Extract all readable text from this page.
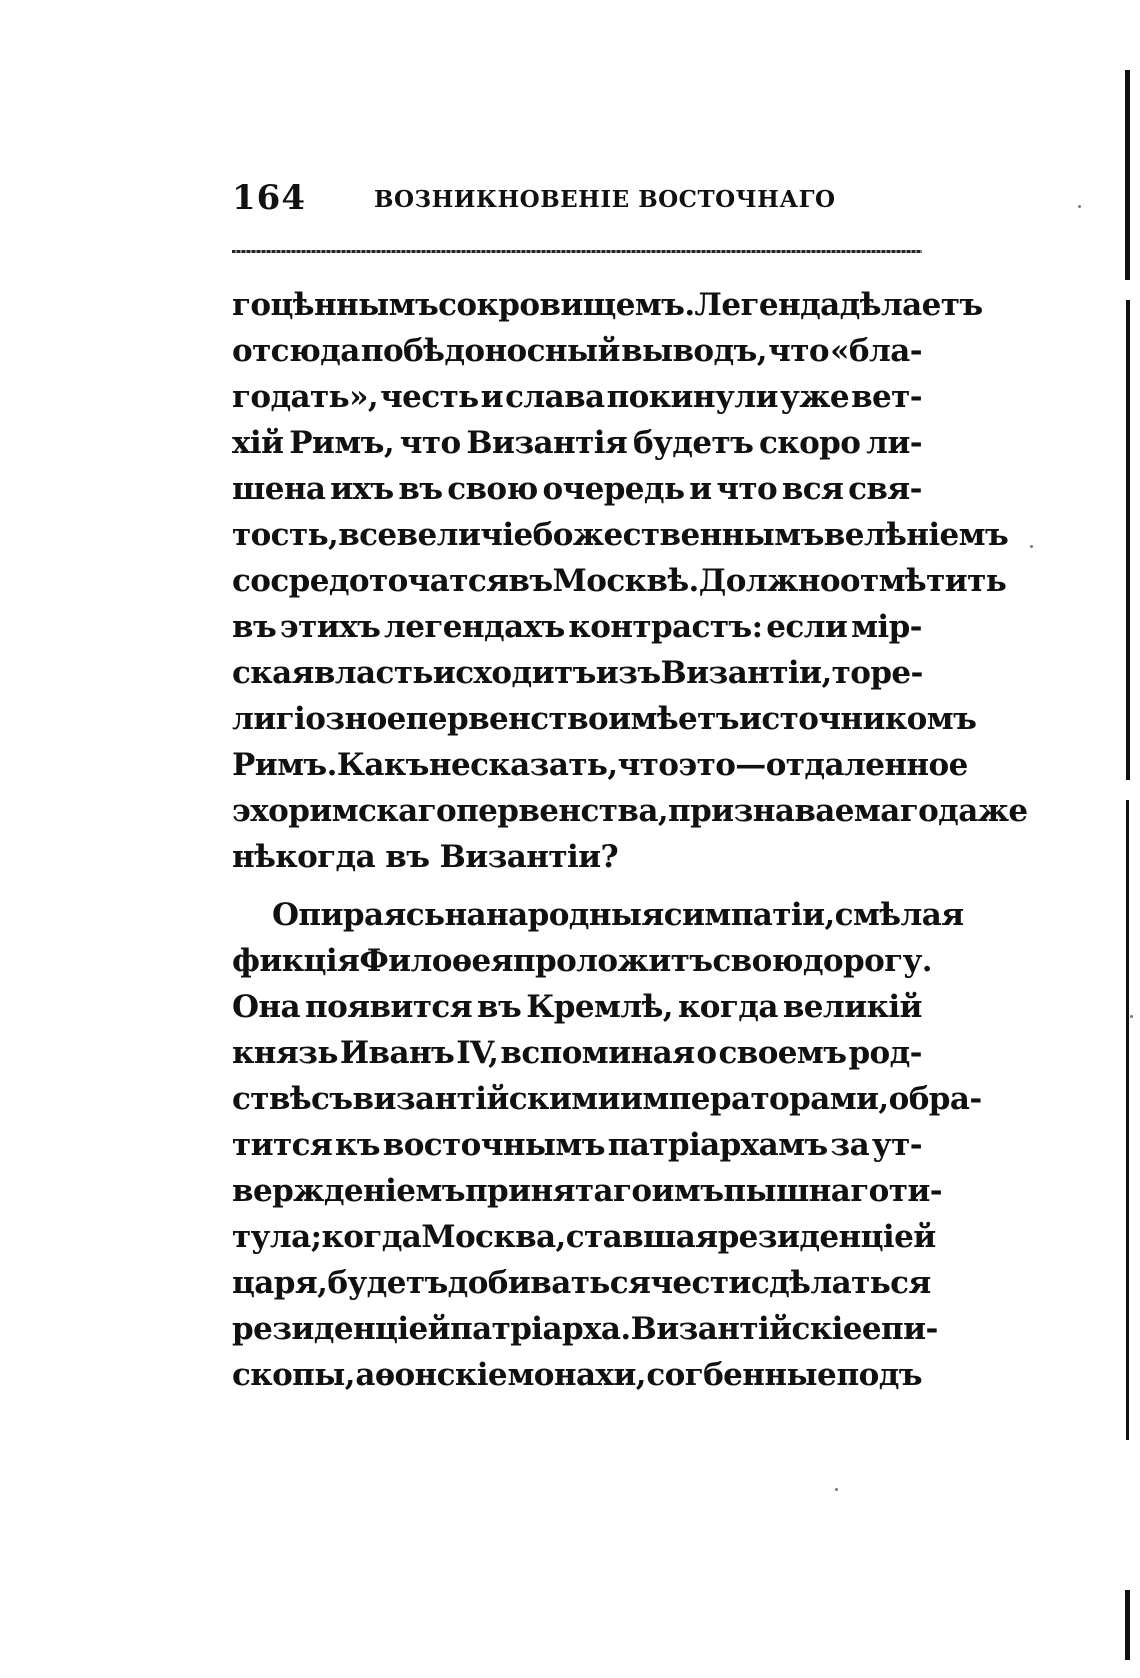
164	ВОЗНИКНОВЕНІЕ ВОСТОЧНАГО
гоцѣннымъ сокровищемъ. Легенда дѣлаетъ
отсюда побѣдоносный выводъ, что «бла-
годать», честь и слава покинули уже вет-
хій Римъ, что Византія будетъ скоро ли-
шена ихъ въ свою очередь и что вся свя-
тость, все величіе божественнымъ велѣніемъ
сосредоточатся въ Москвѣ. Должно отмѣтить
въ этихъ легендахъ контрастъ: если мір-
ская власть исходитъ изъ Византіи, то ре-
лигіозное первенство имѣетъ источникомъ
Римъ. Какъ не сказать, что это—отдаленное
эхо римскаго первенства, признаваемаго даже
нѣкогда въ Византіи?
Опираясь на народныя симпатіи, смѣлая
фикція Филоѳея проложитъ свою дорогу.
Она появится въ Кремлѣ, когда великій
князь Иванъ IV, вспоминая о своемъ род-
ствѣ съ византійскими императорами, обра-
тится къ восточнымъ патріархамъ за ут-
вержденіемъ принятаго имъ пышнаго ти-
тула; когда Москва, ставшая резиденціей
царя, будетъ добиваться чести сдѣлаться
резиденціей патріарха. Византійскіе епи-
скопы, аѳонскіе монахи, согбенные подъ
